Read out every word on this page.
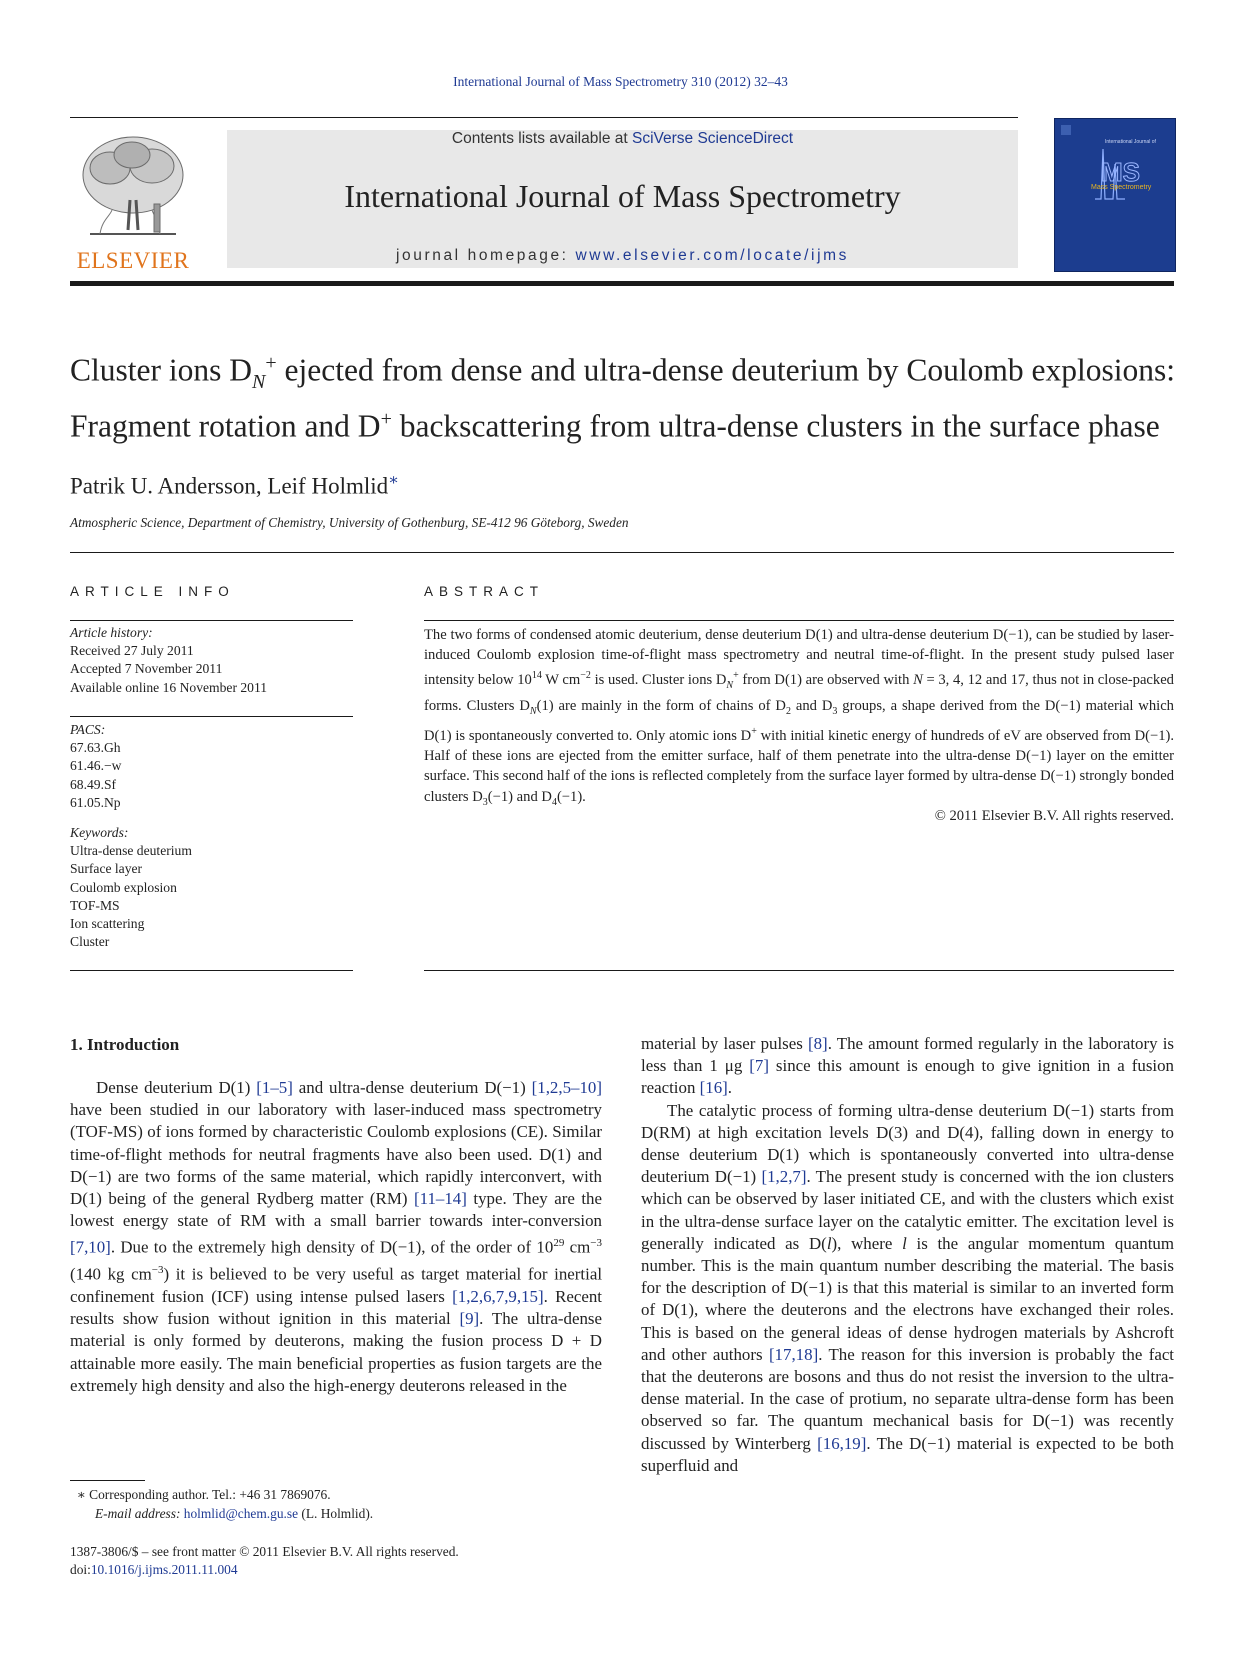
International Journal of Mass Spectrometry 310 (2012) 32–43
ELSEVIER
Contents lists available at SciVerse ScienceDirect
International Journal of Mass Spectrometry
journal homepage: www.elsevier.com/locate/ijms
International Journal of
MS
Mass Spectrometry
Cluster ions $D_N^+$ ejected from dense and ultra-dense deuterium by Coulomb explosions: Fragment rotation and D+ backscattering from ultra-dense clusters in the surface phase
Patrik U. Andersson, Leif Holmlid∗
Atmospheric Science, Department of Chemistry, University of Gothenburg, SE-412 96 Göteborg, Sweden
ARTICLE INFO
Article history:
Received 27 July 2011
Accepted 7 November 2011
Available online 16 November 2011
PACS:
67.63.Gh
61.46.−w
68.49.Sf
61.05.Np
Keywords:
Ultra-dense deuterium
Surface layer
Coulomb explosion
TOF-MS
Ion scattering
Cluster
ABSTRACT
The two forms of condensed atomic deuterium, dense deuterium D(1) and ultra-dense deuterium D(−1), can be studied by laser-induced Coulomb explosion time-of-flight mass spectrometry and neutral time-of-flight. In the present study pulsed laser intensity below $10^{14}$ W $cm^{-2}$ is used. Cluster ions $D_N^+$ from D(1) are observed with N = 3, 4, 12 and 17, thus not in close-packed forms. Clusters $D_N(1)$ are mainly in the form of chains of $D_2$ and $D_3$ groups, a shape derived from the D(−1) material which D(1) is spontaneously converted to. Only atomic ions D+ with initial kinetic energy of hundreds of eV are observed from D(−1). Half of these ions are ejected from the emitter surface, half of them penetrate into the ultra-dense D(−1) layer on the emitter surface. This second half of the ions is reflected completely from the surface layer formed by ultra-dense D(−1) strongly bonded clusters $D_3(-1)$ and $D_4(-1)$.
© 2011 Elsevier B.V. All rights reserved.
1. Introduction

Dense deuterium D(1) [1–5] and ultra-dense deuterium D(−1) [1,2,5–10] have been studied in our laboratory with laser-induced mass spectrometry (TOF-MS) of ions formed by characteristic Coulomb explosions (CE). Similar time-of-flight methods for neutral fragments have also been used. D(1) and D(−1) are two forms of the same material, which rapidly interconvert, with D(1) being of the general Rydberg matter (RM) [11–14] type. They are the lowest energy state of RM with a small barrier towards inter-conversion [7,10]. Due to the extremely high density of D(−1), of the order of $10^{29}$ $cm^{-3}$ (140 kg $cm^{-3}$) it is believed to be very useful as target material for inertial confinement fusion (ICF) using intense pulsed lasers [1,2,6,7,9,15]. Recent results show fusion without ignition in this material [9]. The ultra-dense material is only formed by deuterons, making the fusion process D + D attainable more easily. The main beneficial properties as fusion targets are the extremely high density and also the high-energy deuterons released in the

material by laser pulses [8]. The amount formed regularly in the laboratory is less than 1 μg [7] since this amount is enough to give ignition in a fusion reaction [16].

The catalytic process of forming ultra-dense deuterium D(−1) starts from D(RM) at high excitation levels D(3) and D(4), falling down in energy to dense deuterium D(1) which is spontaneously converted into ultra-dense deuterium D(−1) [1,2,7]. The present study is concerned with the ion clusters which can be observed by laser initiated CE, and with the clusters which exist in the ultra-dense surface layer on the catalytic emitter. The excitation level is generally indicated as D(l), where l is the angular momentum quantum number. This is the main quantum number describing the material. The basis for the description of D(−1) is that this material is similar to an inverted form of D(1), where the deuterons and the electrons have exchanged their roles. This is based on the general ideas of dense hydrogen materials by Ashcroft and other authors [17,18]. The reason for this inversion is probably the fact that the deuterons are bosons and thus do not resist the inversion to the ultra-dense material. In the case of protium, no separate ultra-dense form has been observed so far. The quantum mechanical basis for D(−1) was recently discussed by Winterberg [16,19]. The D(−1) material is expected to be both superfluid and

∗ Corresponding author. Tel.: +46 31 7869076.
E-mail address: holmlid@chem.gu.se (L. Holmlid).
1387-3806/$ – see front matter © 2011 Elsevier B.V. All rights reserved.
doi:10.1016/j.ijms.2011.11.004
